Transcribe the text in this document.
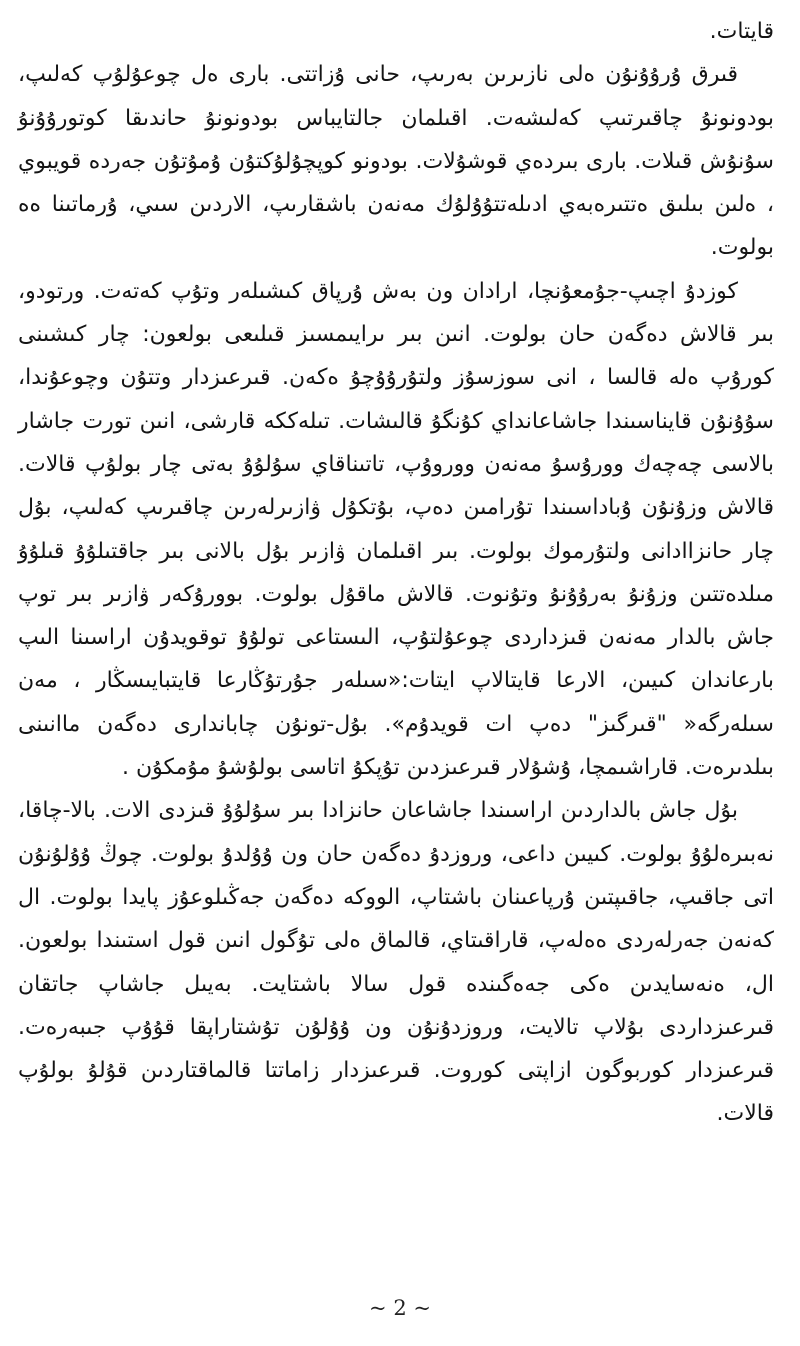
قايتات.

قىرق ۇرۇۇنۇن ەلى نازىرىن بەرىپ، حانى ۇزاتتى. بارى ەل چوعۇلۇپ كەلىپ، بودونونۇ چاقىرتىپ كەلىشەت. اقىلمان جالتايباس بودونونۇ حاندىقا كوتورۇۇنۇ سۇنۇش قىلات. بارى بىردەي قوشۇلات. بودونو كوپچۇلۇكتۇن ۇمۇتۇن جەردە قويبوي ، ەلىن بىلىق ەتتىرەبەي ادىلەتتۇۇلۇك مەنەن باشقارىپ، الاردىن سىي، ۇرماتىنا ەە بولوت.

كوزدۇ اچىپ-جۇمعۇنچا، ارادان ون بەش ۇرپاق كىشىلەر وتۇپ كەتەت. ورتودو، بىر قالاش دەگەن حان بولوت. انىن بىر ىرايىمسىز قىلىعى بولعون: چار كىشىنى كورۇپ ەلە قالسا ، انى سوزسۇز ولتۇرۇۇچۇ ەكەن. قىرعىزدار وتتۇن وچوعۇندا، سۇۇنۇن قايناسىندا جاشاعانداي كۇنگۇ قالىشات. تىلەككە قارشى، انىن تورت جاشار بالاسى چەچەك وورۇسۇ مەنەن ووروۇپ، تاتىناقاي سۇلۇۇ بەتى چار بولۇپ قالات. قالاش وزۇنۇن ۇباداسىندا تۇرامىن دەپ، بۇتكۇل ۋازىرلەرىن چاقىرىپ كەلىپ، بۇل چار حانزاادانى ولتۇرموك بولوت. بىر اقىلمان ۋازىر بۇل بالانى بىر جاقتىلۇۇ قىلۇۇ مىلدەتتىن وزۇنۇ بەرۇۇنۇ وتۇنوت. قالاش ماقۇل بولوت. بوورۇكەر ۋازىر بىر توپ جاش بالدار مەنەن قىزداردى چوعۇلتۇپ، الىستاعى تولۇۇ توقويدۇن اراسىنا الىپ بارعاندان كىيىن، الارعا قايتالاپ ايتات:«سىلەر جۇرتۇڭارعا قايتبايىسڭار ، مەن سىلەرگە« "قىرگىز" دەپ ات قويدۇم». بۇل-تونۇن چابانداری دەگەن ماانىنى بىلدىرەت. قاراشىمچا، ۇشۇلار قىرعىزدىن تۇپكۇ اتاسى بولۇشۇ مۇمكۇن .

بۇل جاش بالداردىن اراسىندا جاشاعان حانزادا بىر سۇلۇۇ قىزدى الات. بالا-چاقا، نەبىرەلۇۇ بولوت. كىيىن داعى، وروزدۇ دەگەن حان ون ۇۇلدۇ بولوت. چوڭ ۇۇلۇنۇن اتى جاقىپ، جاقىپتىن ۇرپاعىنان باشتاپ، الووكە دەگەن جەڭىلوعۇز پايدا بولوت. ال كەنەن جەرلەردى ەەلەپ، قاراقىتاي، قالماق ەلى تۇگول انىن قول استىندا بولعون. ال، ەنەسايدىن ەكى جەەگىندە قول سالا باشتايت. بەيىل جاشاپ جاتقان قىرعىزداردى بۇلاپ تالايت، وروزدۇنۇن ون ۇۇلۇن تۇشتاراپقا قۇۇپ جىبەرەت. قىرعىزدار كوربوگون ازاپتى كوروت. قىرعىزدار زاماتتا قالماقتاردىن قۇلۇ بولۇپ قالات.

~ 2 ~
